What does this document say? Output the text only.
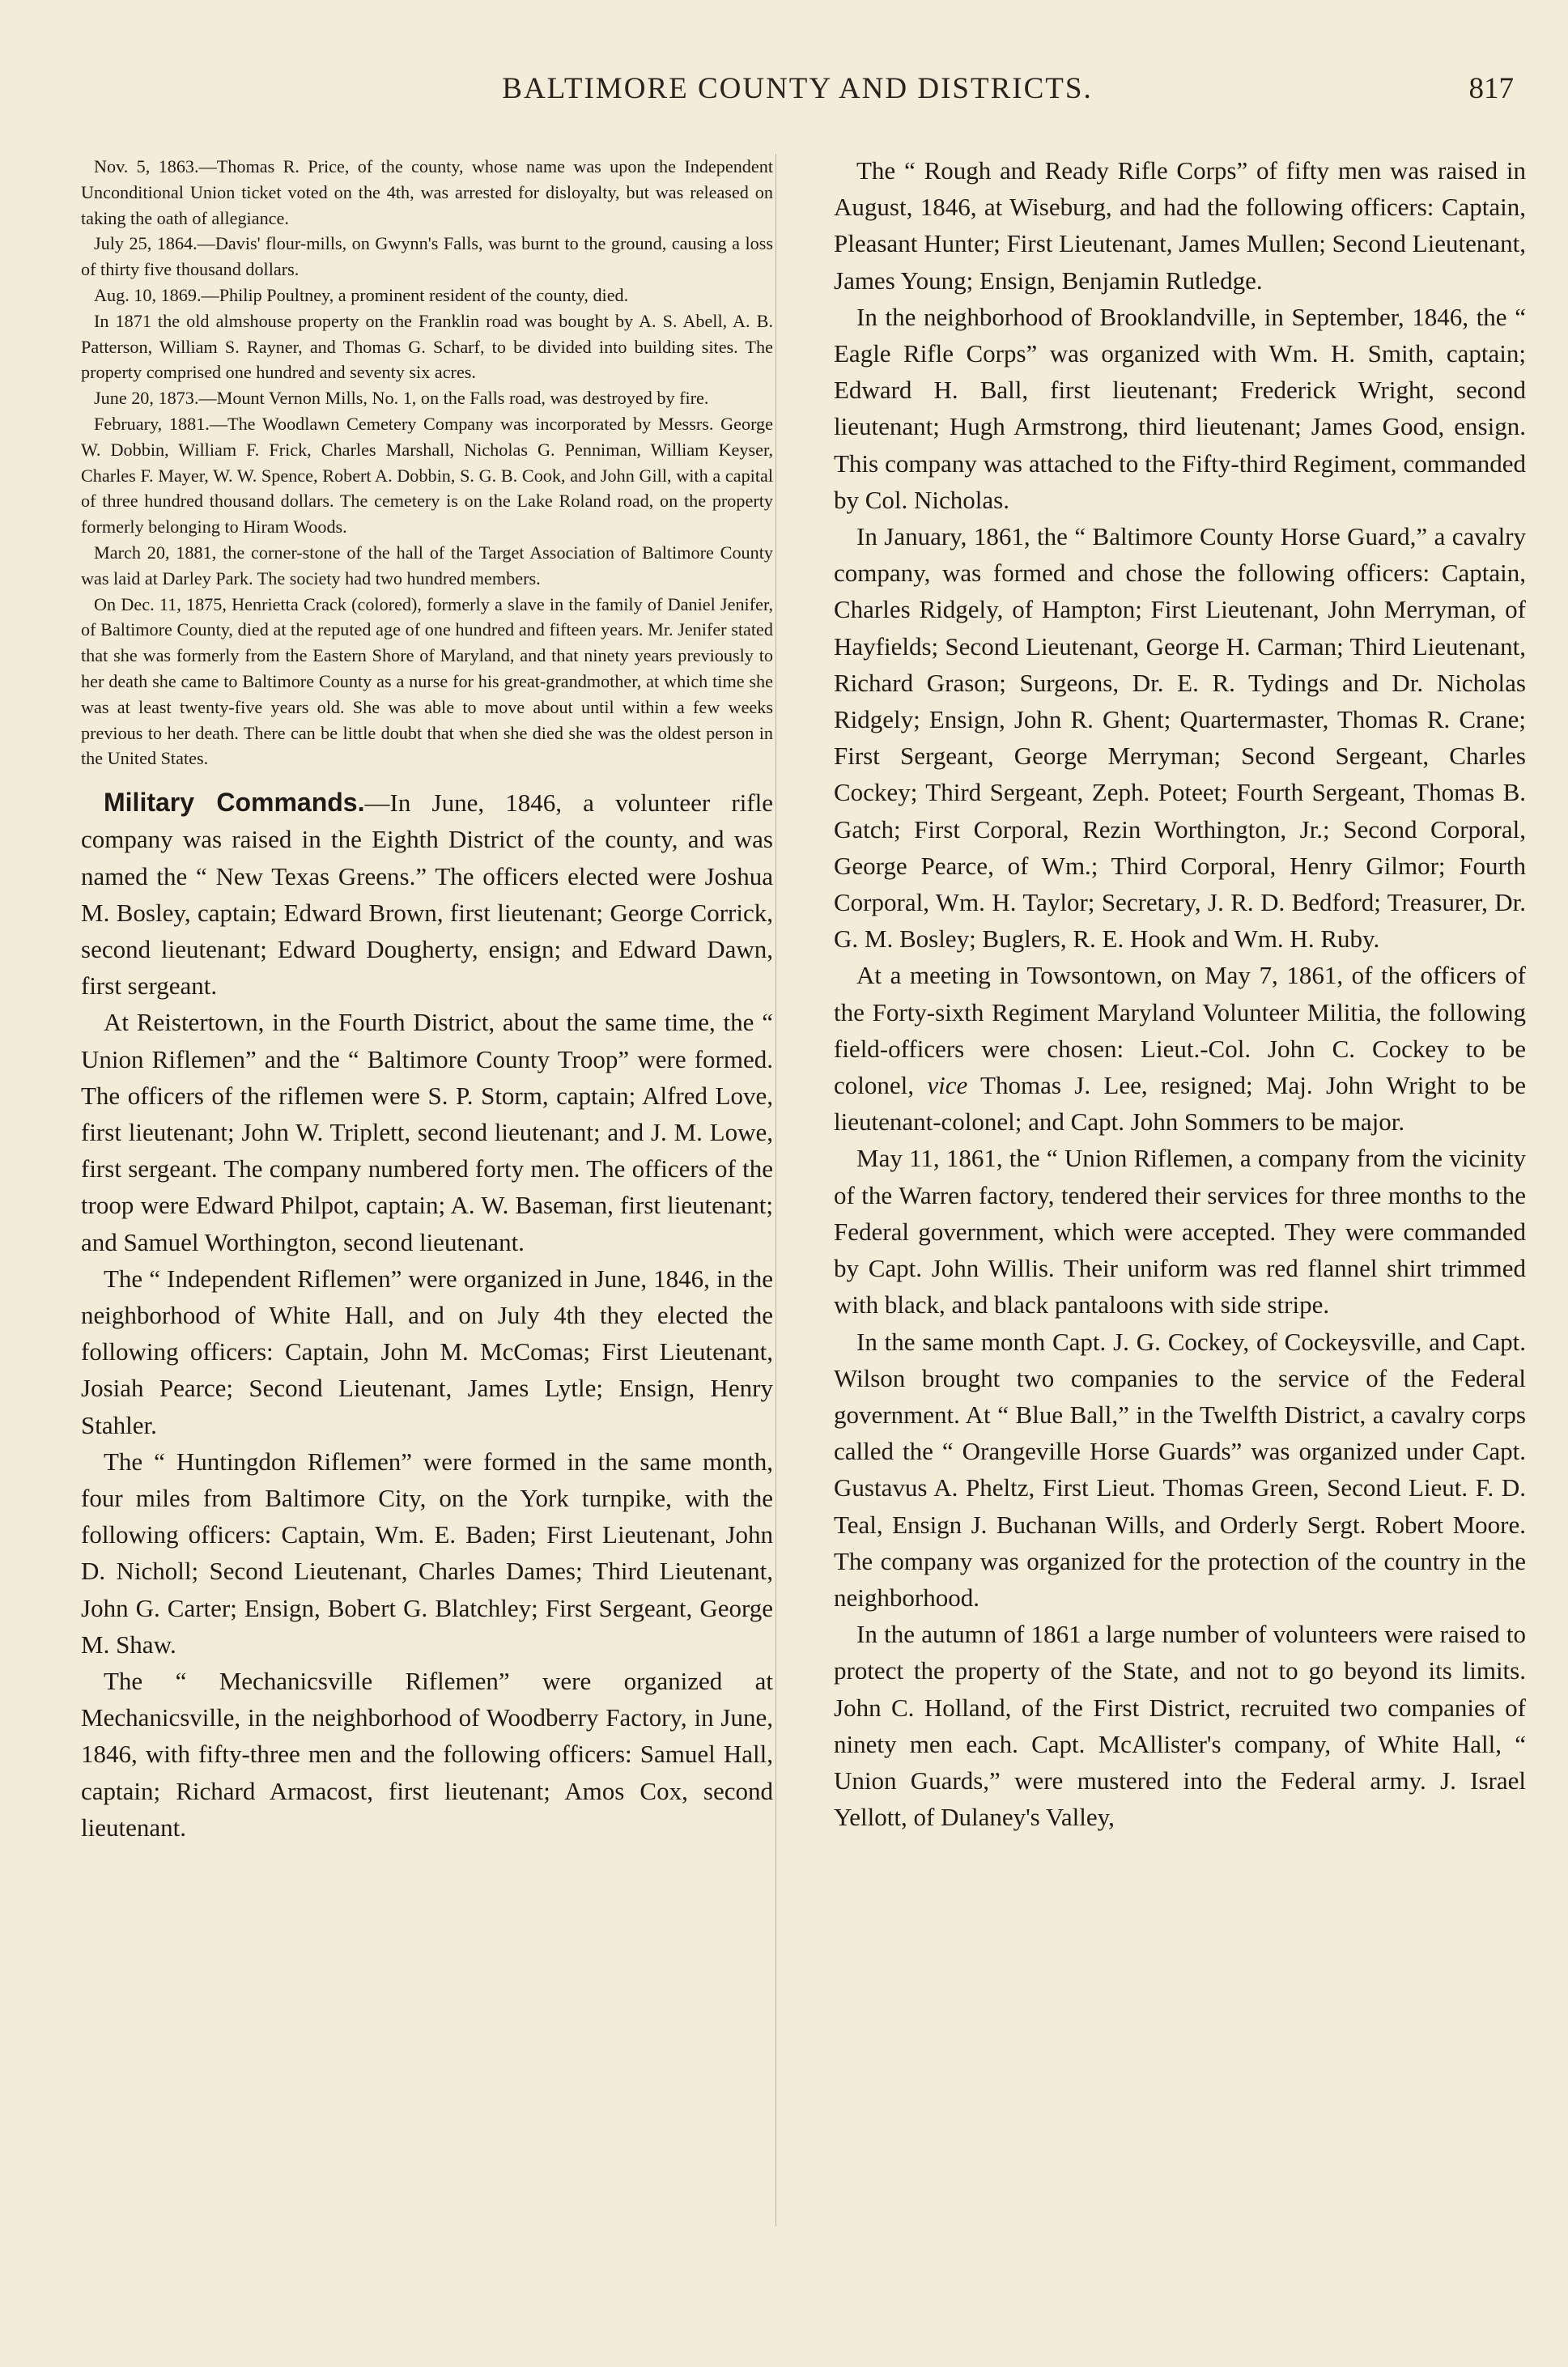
BALTIMORE COUNTY AND DISTRICTS.	817

Nov. 5, 1863.—Thomas R. Price, of the county, whose name was upon the Independent Unconditional Union ticket voted on the 4th, was arrested for disloyalty, but was released on taking the oath of allegiance.

July 25, 1864.—Davis' flour-mills, on Gwynn's Falls, was burnt to the ground, causing a loss of thirty five thousand dollars.

Aug. 10, 1869.—Philip Poultney, a prominent resident of the county, died.

In 1871 the old almshouse property on the Franklin road was bought by A. S. Abell, A. B. Patterson, William S. Rayner, and Thomas G. Scharf, to be divided into building sites. The property comprised one hundred and seventy six acres.

June 20, 1873.—Mount Vernon Mills, No. 1, on the Falls road, was destroyed by fire.

February, 1881.—The Woodlawn Cemetery Company was incorporated by Messrs. George W. Dobbin, William F. Frick, Charles Marshall, Nicholas G. Penniman, William Keyser, Charles F. Mayer, W. W. Spence, Robert A. Dobbin, S. G. B. Cook, and John Gill, with a capital of three hundred thousand dollars. The cemetery is on the Lake Roland road, on the property formerly belonging to Hiram Woods.

March 20, 1881, the corner-stone of the hall of the Target Association of Baltimore County was laid at Darley Park. The society had two hundred members.

On Dec. 11, 1875, Henrietta Crack (colored), formerly a slave in the family of Daniel Jenifer, of Baltimore County, died at the reputed age of one hundred and fifteen years. Mr. Jenifer stated that she was formerly from the Eastern Shore of Maryland, and that ninety years previously to her death she came to Baltimore County as a nurse for his great-grandmother, at which time she was at least twenty-five years old. She was able to move about until within a few weeks previous to her death. There can be little doubt that when she died she was the oldest person in the United States.

Military Commands.—In June, 1846, a volunteer rifle company was raised in the Eighth District of the county, and was named the “ New Texas Greens.” The officers elected were Joshua M. Bosley, captain; Edward Brown, first lieutenant; George Corrick, second lieutenant; Edward Dougherty, ensign; and Edward Dawn, first sergeant.

At Reistertown, in the Fourth District, about the same time, the “ Union Riflemen” and the “ Baltimore County Troop” were formed. The officers of the riflemen were S. P. Storm, captain; Alfred Love, first lieutenant; John W. Triplett, second lieutenant; and J. M. Lowe, first sergeant. The company numbered forty men. The officers of the troop were Edward Philpot, captain; A. W. Baseman, first lieutenant; and Samuel Worthington, second lieutenant.

The “ Independent Riflemen” were organized in June, 1846, in the neighborhood of White Hall, and on July 4th they elected the following officers: Captain, John M. McComas; First Lieutenant, Josiah Pearce; Second Lieutenant, James Lytle; Ensign, Henry Stahler.

The “ Huntingdon Riflemen” were formed in the same month, four miles from Baltimore City, on the York turnpike, with the following officers: Captain, Wm. E. Baden; First Lieutenant, John D. Nicholl; Second Lieutenant, Charles Dames; Third Lieutenant, John G. Carter; Ensign, Bobert G. Blatchley; First Sergeant, George M. Shaw.

The “ Mechanicsville Riflemen” were organized at Mechanicsville, in the neighborhood of Woodberry Factory, in June, 1846, with fifty-three men and the following officers: Samuel Hall, captain; Richard Armacost, first lieutenant; Amos Cox, second lieutenant.

The “ Rough and Ready Rifle Corps” of fifty men was raised in August, 1846, at Wiseburg, and had the following officers: Captain, Pleasant Hunter; First Lieutenant, James Mullen; Second Lieutenant, James Young; Ensign, Benjamin Rutledge.

In the neighborhood of Brooklandville, in September, 1846, the “ Eagle Rifle Corps” was organized with Wm. H. Smith, captain; Edward H. Ball, first lieutenant; Frederick Wright, second lieutenant; Hugh Armstrong, third lieutenant; James Good, ensign. This company was attached to the Fifty-third Regiment, commanded by Col. Nicholas.

In January, 1861, the “ Baltimore County Horse Guard,” a cavalry company, was formed and chose the following officers: Captain, Charles Ridgely, of Hampton; First Lieutenant, John Merryman, of Hayfields; Second Lieutenant, George H. Carman; Third Lieutenant, Richard Grason; Surgeons, Dr. E. R. Tydings and Dr. Nicholas Ridgely; Ensign, John R. Ghent; Quartermaster, Thomas R. Crane; First Sergeant, George Merryman; Second Sergeant, Charles Cockey; Third Sergeant, Zeph. Poteet; Fourth Sergeant, Thomas B. Gatch; First Corporal, Rezin Worthington, Jr.; Second Corporal, George Pearce, of Wm.; Third Corporal, Henry Gilmor; Fourth Corporal, Wm. H. Taylor; Secretary, J. R. D. Bedford; Treasurer, Dr. G. M. Bosley; Buglers, R. E. Hook and Wm. H. Ruby.

At a meeting in Towsontown, on May 7, 1861, of the officers of the Forty-sixth Regiment Maryland Volunteer Militia, the following field-officers were chosen: Lieut.-Col. John C. Cockey to be colonel, vice Thomas J. Lee, resigned; Maj. John Wright to be lieutenant-colonel; and Capt. John Sommers to be major.

May 11, 1861, the “ Union Riflemen, a company from the vicinity of the Warren factory, tendered their services for three months to the Federal government, which were accepted. They were commanded by Capt. John Willis. Their uniform was red flannel shirt trimmed with black, and black pantaloons with side stripe.

In the same month Capt. J. G. Cockey, of Cockeysville, and Capt. Wilson brought two companies to the service of the Federal government. At “ Blue Ball,” in the Twelfth District, a cavalry corps called the “ Orangeville Horse Guards” was organized under Capt. Gustavus A. Pheltz, First Lieut. Thomas Green, Second Lieut. F. D. Teal, Ensign J. Buchanan Wills, and Orderly Sergt. Robert Moore. The company was organized for the protection of the country in the neighborhood.

In the autumn of 1861 a large number of volunteers were raised to protect the property of the State, and not to go beyond its limits. John C. Holland, of the First District, recruited two companies of ninety men each. Capt. McAllister's company, of White Hall, “ Union Guards,” were mustered into the Federal army. J. Israel Yellott, of Dulaney's Valley,
